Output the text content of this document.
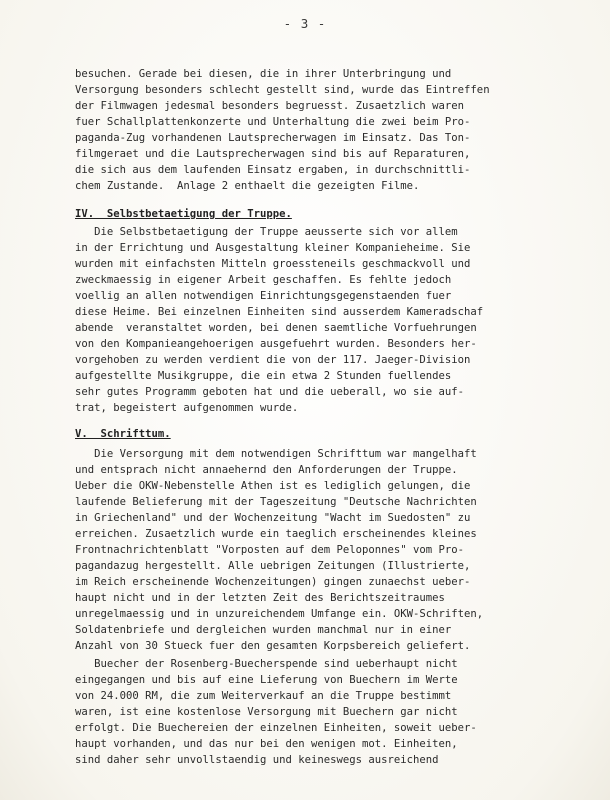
- 3 -
besuchen. Gerade bei diesen, die in ihrer Unterbringung und
Versorgung besonders schlecht gestellt sind, wurde das Eintreffen
der Filmwagen jedesmal besonders begruesst. Zusaetzlich waren
fuer Schallplattenkonzerte und Unterhaltung die zwei beim Pro-
paganda-Zug vorhandenen Lautsprecherwagen im Einsatz. Das Ton-
filmgeraet und die Lautsprecherwagen sind bis auf Reparaturen,
die sich aus dem laufenden Einsatz ergaben, in durchschnittli-
chem Zustande.  Anlage 2 enthaelt die gezeigten Filme.
IV.  Selbstbetaetigung der Truppe.
Die Selbstbetaetigung der Truppe aeusserte sich vor allem
in der Errichtung und Ausgestaltung kleiner Kompanieheime. Sie
wurden mit einfachsten Mitteln groessteneils geschmackvoll und
zweckmaessig in eigener Arbeit geschaffen. Es fehlte jedoch
voellig an allen notwendigen Einrichtungsgegenstaenden fuer
diese Heime. Bei einzelnen Einheiten sind ausserdem Kameradschaf
abende  veranstaltet worden, bei denen saemtliche Vorfuehrungen
von den Kompanieangehoerigen ausgefuehrt wurden. Besonders her-
vorgehoben zu werden verdient die von der 117. Jaeger-Division
aufgestellte Musikgruppe, die ein etwa 2 Stunden fuellendes
sehr gutes Programm geboten hat und die ueberall, wo sie auf-
trat, begeistert aufgenommen wurde.
V.  Schrifttum.
Die Versorgung mit dem notwendigen Schrifttum war mangelhaft
und entsprach nicht annaehernd den Anforderungen der Truppe.
Ueber die OKW-Nebenstelle Athen ist es lediglich gelungen, die
laufende Belieferung mit der Tageszeitung "Deutsche Nachrichten
in Griechenland" und der Wochenzeitung "Wacht im Suedosten" zu
erreichen. Zusaetzlich wurde ein taeglich erscheinendes kleines
Frontnachrichtenblatt "Vorposten auf dem Peloponnes" vom Pro-
pagandazug hergestellt. Alle uebrigen Zeitungen (Illustrierte,
im Reich erscheinende Wochenzeitungen) gingen zunaechst ueber-
haupt nicht und in der letzten Zeit des Berichtszeitraumes
unregelmaessig und in unzureichendem Umfange ein. OKW-Schriften,
Soldatenbriefe und dergleichen wurden manchmal nur in einer
Anzahl von 30 Stueck fuer den gesamten Korpsbereich geliefert.
Buecher der Rosenberg-Buecherspende sind ueberhaupt nicht
eingegangen und bis auf eine Lieferung von Buechern im Werte
von 24.000 RM, die zum Weiterverkauf an die Truppe bestimmt
waren, ist eine kostenlose Versorgung mit Buechern gar nicht
erfolgt. Die Buechereien der einzelnen Einheiten, soweit ueber-
haupt vorhanden, und das nur bei den wenigen mot. Einheiten,
sind daher sehr unvollstaendig und keineswegs ausreichend
